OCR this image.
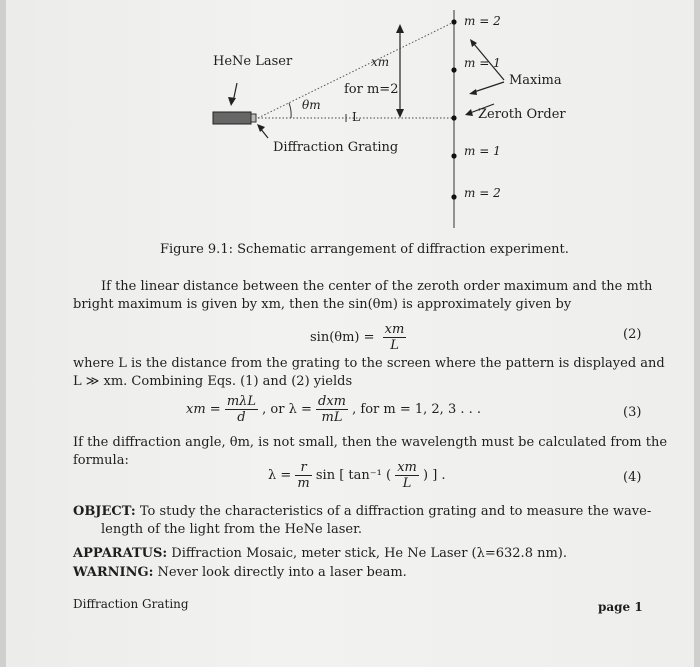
HeNe Laser
θm
L
for m=2
xm
Diffraction Grating
Maxima
Zeroth Order
m = 2
m = 1
m = 1
m = 2
Figure 9.1: Schematic arrangement of diffraction experiment.
If the linear distance between the center of the zeroth order maximum and the mth
bright maximum is given by xm, then the sin(θm) is approximately given by
$\sin(\theta m) = \frac{xm}{L}$	(2)
where L is the distance from the grating to the screen where the pattern is displayed and
L ≫ xm. Combining Eqs. (1) and (2) yields
xm = $\frac{\text{mλL}}{d}$ , or $\lambda = \frac{\text{dxm}}{mL}$ , for m = 1, 2, 3 . . .	(3)
If the diffraction angle, θm, is not small, then the wavelength must be calculated from the
formula:
$\lambda = \frac{r}{m}$ sin [ tan⁻¹ ( $\frac{xm}{L}$ ) ] .	(4)
OBJECT: To study the characteristics of a diffraction grating and to measure the wave-
length of the light from the HeNe laser.
APPARATUS: Diffraction Mosaic, meter stick, He Ne Laser (λ=632.8 nm).
WARNING: Never look directly into a laser beam.
Diffraction Grating	page 1
